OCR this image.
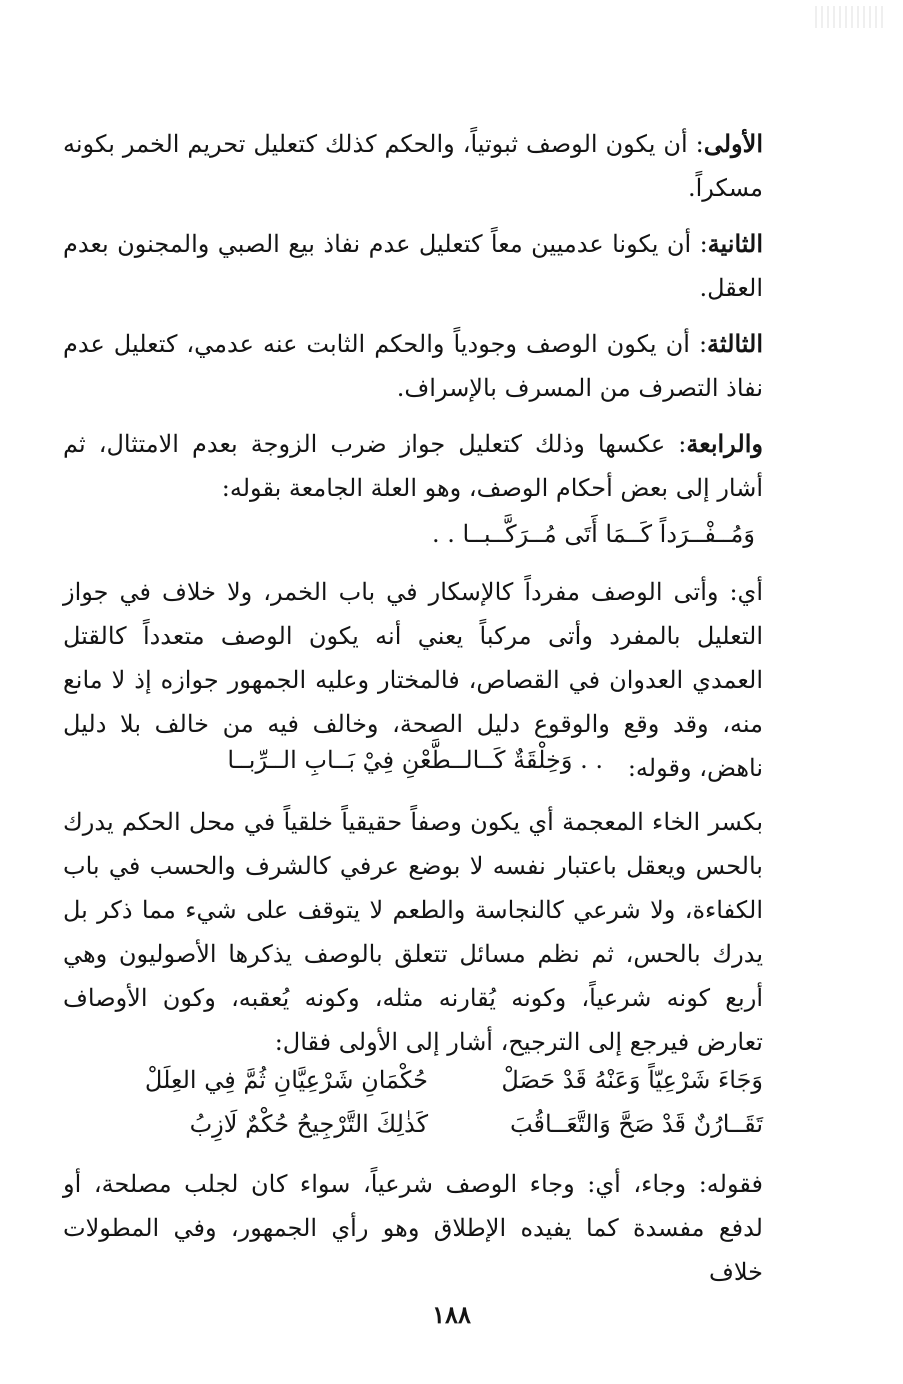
الأولى: أن يكون الوصف ثبوتياً، والحكم كذلك كتعليل تحريم الخمر بكونه مسكراً.
الثانية: أن يكونا عدميين معاً كتعليل عدم نفاذ بيع الصبي والمجنون بعدم العقل.
الثالثة: أن يكون الوصف وجودياً والحكم الثابت عنه عدمي، كتعليل عدم نفاذ التصرف من المسرف بالإسراف.
والرابعة: عكسها وذلك كتعليل جواز ضرب الزوجة بعدم الامتثال، ثم أشار إلى بعض أحكام الوصف، وهو العلة الجامعة بقوله:
وَمُــفْــرَداً كَــمَا أَتَى مُــرَكَّــبــا . .
أي: وأتى الوصف مفرداً كالإسكار في باب الخمر، ولا خلاف في جواز التعليل بالمفرد وأتى مركباً يعني أنه يكون الوصف متعدداً كالقتل العمدي العدوان في القصاص، فالمختار وعليه الجمهور جوازه إذ لا مانع منه، وقد وقع والوقوع دليل الصحة، وخالف فيه من خالف بلا دليل ناهض، وقوله:
. . وَخِلْقَةٌ كَــالــطَّعْنِ فِيْ بَــابِ الــرِّبــا
بكسر الخاء المعجمة أي يكون وصفاً حقيقياً خلقياً في محل الحكم يدرك بالحس ويعقل باعتبار نفسه لا بوضع عرفي كالشرف والحسب في باب الكفاءة، ولا شرعي كالنجاسة والطعم لا يتوقف على شيء مما ذكر بل يدرك بالحس، ثم نظم مسائل تتعلق بالوصف يذكرها الأصوليون وهي أربع كونه شرعياً، وكونه يُقارنه مثله، وكونه يُعقبه، وكون الأوصاف تعارض فيرجع إلى الترجيح، أشار إلى الأولى فقال:
وَجَاءَ شَرْعِيّاً وَعَنْهُ قَدْ حَصَلْ
حُكْمَانِ شَرْعِيَّانِ ثُمَّ فِي العِلَلْ
تَقَــارُنٌ قَدْ صَحَّ وَالتَّعَــاقُبَ
كَذٰلِكَ التَّرْجِيحُ حُكْمٌ لَازِبُ
فقوله: وجاء، أي: وجاء الوصف شرعياً، سواء كان لجلب مصلحة، أو لدفع مفسدة كما يفيده الإطلاق وهو رأي الجمهور، وفي المطولات خلاف
١٨٨
